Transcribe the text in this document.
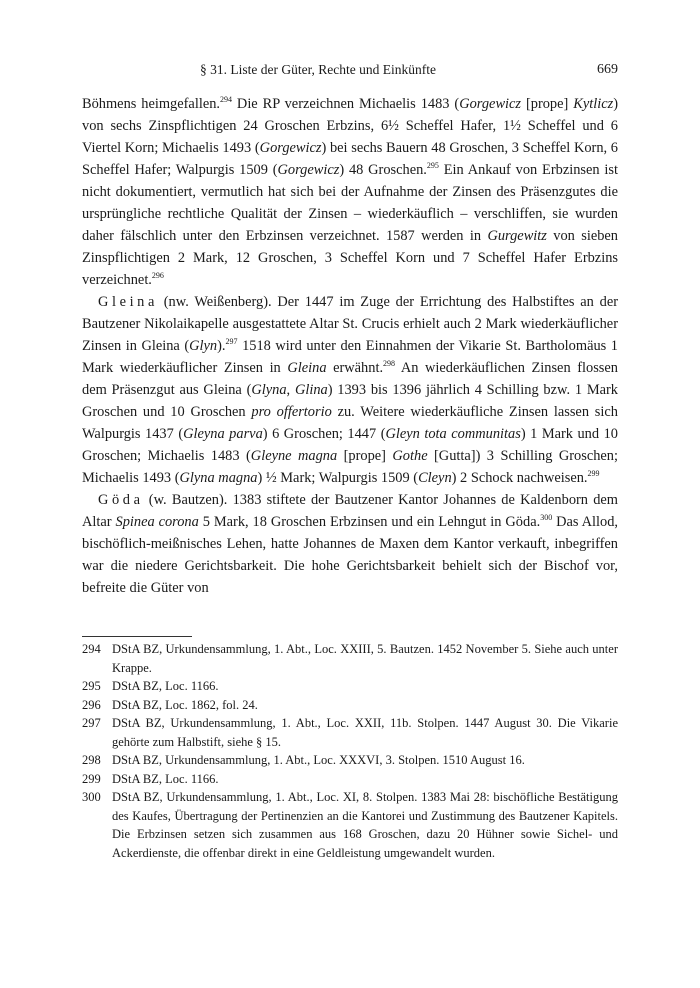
§ 31. Liste der Güter, Rechte und Einkünfte	669

Böhmens heimgefallen.$^{294}$ Die RP verzeichnen Michaelis 1483 (Gorgewicz [prope] Kytlicz) von sechs Zinspflichtigen 24 Groschen Erbzins, 6½ Scheffel Hafer, 1½ Scheffel und 6 Viertel Korn; Michaelis 1493 (Gorgewicz) bei sechs Bauern 48 Groschen, 3 Scheffel Korn, 6 Scheffel Hafer; Walpurgis 1509 (Gorgewicz) 48 Groschen.$^{295}$ Ein Ankauf von Erbzinsen ist nicht dokumentiert, vermutlich hat sich bei der Aufnahme der Zinsen des Präsenzgutes die ursprüngliche rechtliche Qualität der Zinsen – wiederkäuflich – verschliffen, sie wurden daher fälschlich unter den Erbzinsen verzeichnet. 1587 werden in Gurgewitz von sieben Zinspflichtigen 2 Mark, 12 Groschen, 3 Scheffel Korn und 7 Scheffel Hafer Erbzins verzeichnet.$^{296}$

Gleina (nw. Weißenberg). Der 1447 im Zuge der Errichtung des Halbstiftes an der Bautzener Nikolaikapelle ausgestattete Altar St. Crucis erhielt auch 2 Mark wiederkäuflicher Zinsen in Gleina (Glyn).$^{297}$ 1518 wird unter den Einnahmen der Vikarie St. Bartholomäus 1 Mark wiederkäuflicher Zinsen in Gleina erwähnt.$^{298}$ An wiederkäuflichen Zinsen flossen dem Präsenzgut aus Gleina (Glyna, Glina) 1393 bis 1396 jährlich 4 Schilling bzw. 1 Mark Groschen und 10 Groschen pro offertorio zu. Weitere wiederkäufliche Zinsen lassen sich Walpurgis 1437 (Gleyna parva) 6 Groschen; 1447 (Gleyn tota communitas) 1 Mark und 10 Groschen; Michaelis 1483 (Gleyne magna [prope] Gothe [Gutta]) 3 Schilling Groschen; Michaelis 1493 (Glyna magna) ½ Mark; Walpurgis 1509 (Cleyn) 2 Schock nachweisen.$^{299}$

Göda (w. Bautzen). 1383 stiftete der Bautzener Kantor Johannes de Kaldenborn dem Altar Spinea corona 5 Mark, 18 Groschen Erbzinsen und ein Lehngut in Göda.$^{300}$ Das Allod, bischöflich-meißnisches Lehen, hatte Johannes de Maxen dem Kantor verkauft, inbegriffen war die niedere Gerichtsbarkeit. Die hohe Gerichtsbarkeit behielt sich der Bischof vor, befreite die Güter von

294 DStA BZ, Urkundensammlung, 1. Abt., Loc. XXIII, 5. Bautzen. 1452 November 5. Siehe auch unter Krappe.
295 DStA BZ, Loc. 1166.
296 DStA BZ, Loc. 1862, fol. 24.
297 DStA BZ, Urkundensammlung, 1. Abt., Loc. XXII, 11b. Stolpen. 1447 August 30. Die Vikarie gehörte zum Halbstift, siehe § 15.
298 DStA BZ, Urkundensammlung, 1. Abt., Loc. XXXVI, 3. Stolpen. 1510 August 16.
299 DStA BZ, Loc. 1166.
300 DStA BZ, Urkundensammlung, 1. Abt., Loc. XI, 8. Stolpen. 1383 Mai 28: bischöfliche Bestätigung des Kaufes, Übertragung der Pertinenzien an die Kantorei und Zustimmung des Bautzener Kapitels. Die Erbzinsen setzen sich zusammen aus 168 Groschen, dazu 20 Hühner sowie Sichel- und Ackerdienste, die offenbar direkt in eine Geldleistung umgewandelt wurden.
